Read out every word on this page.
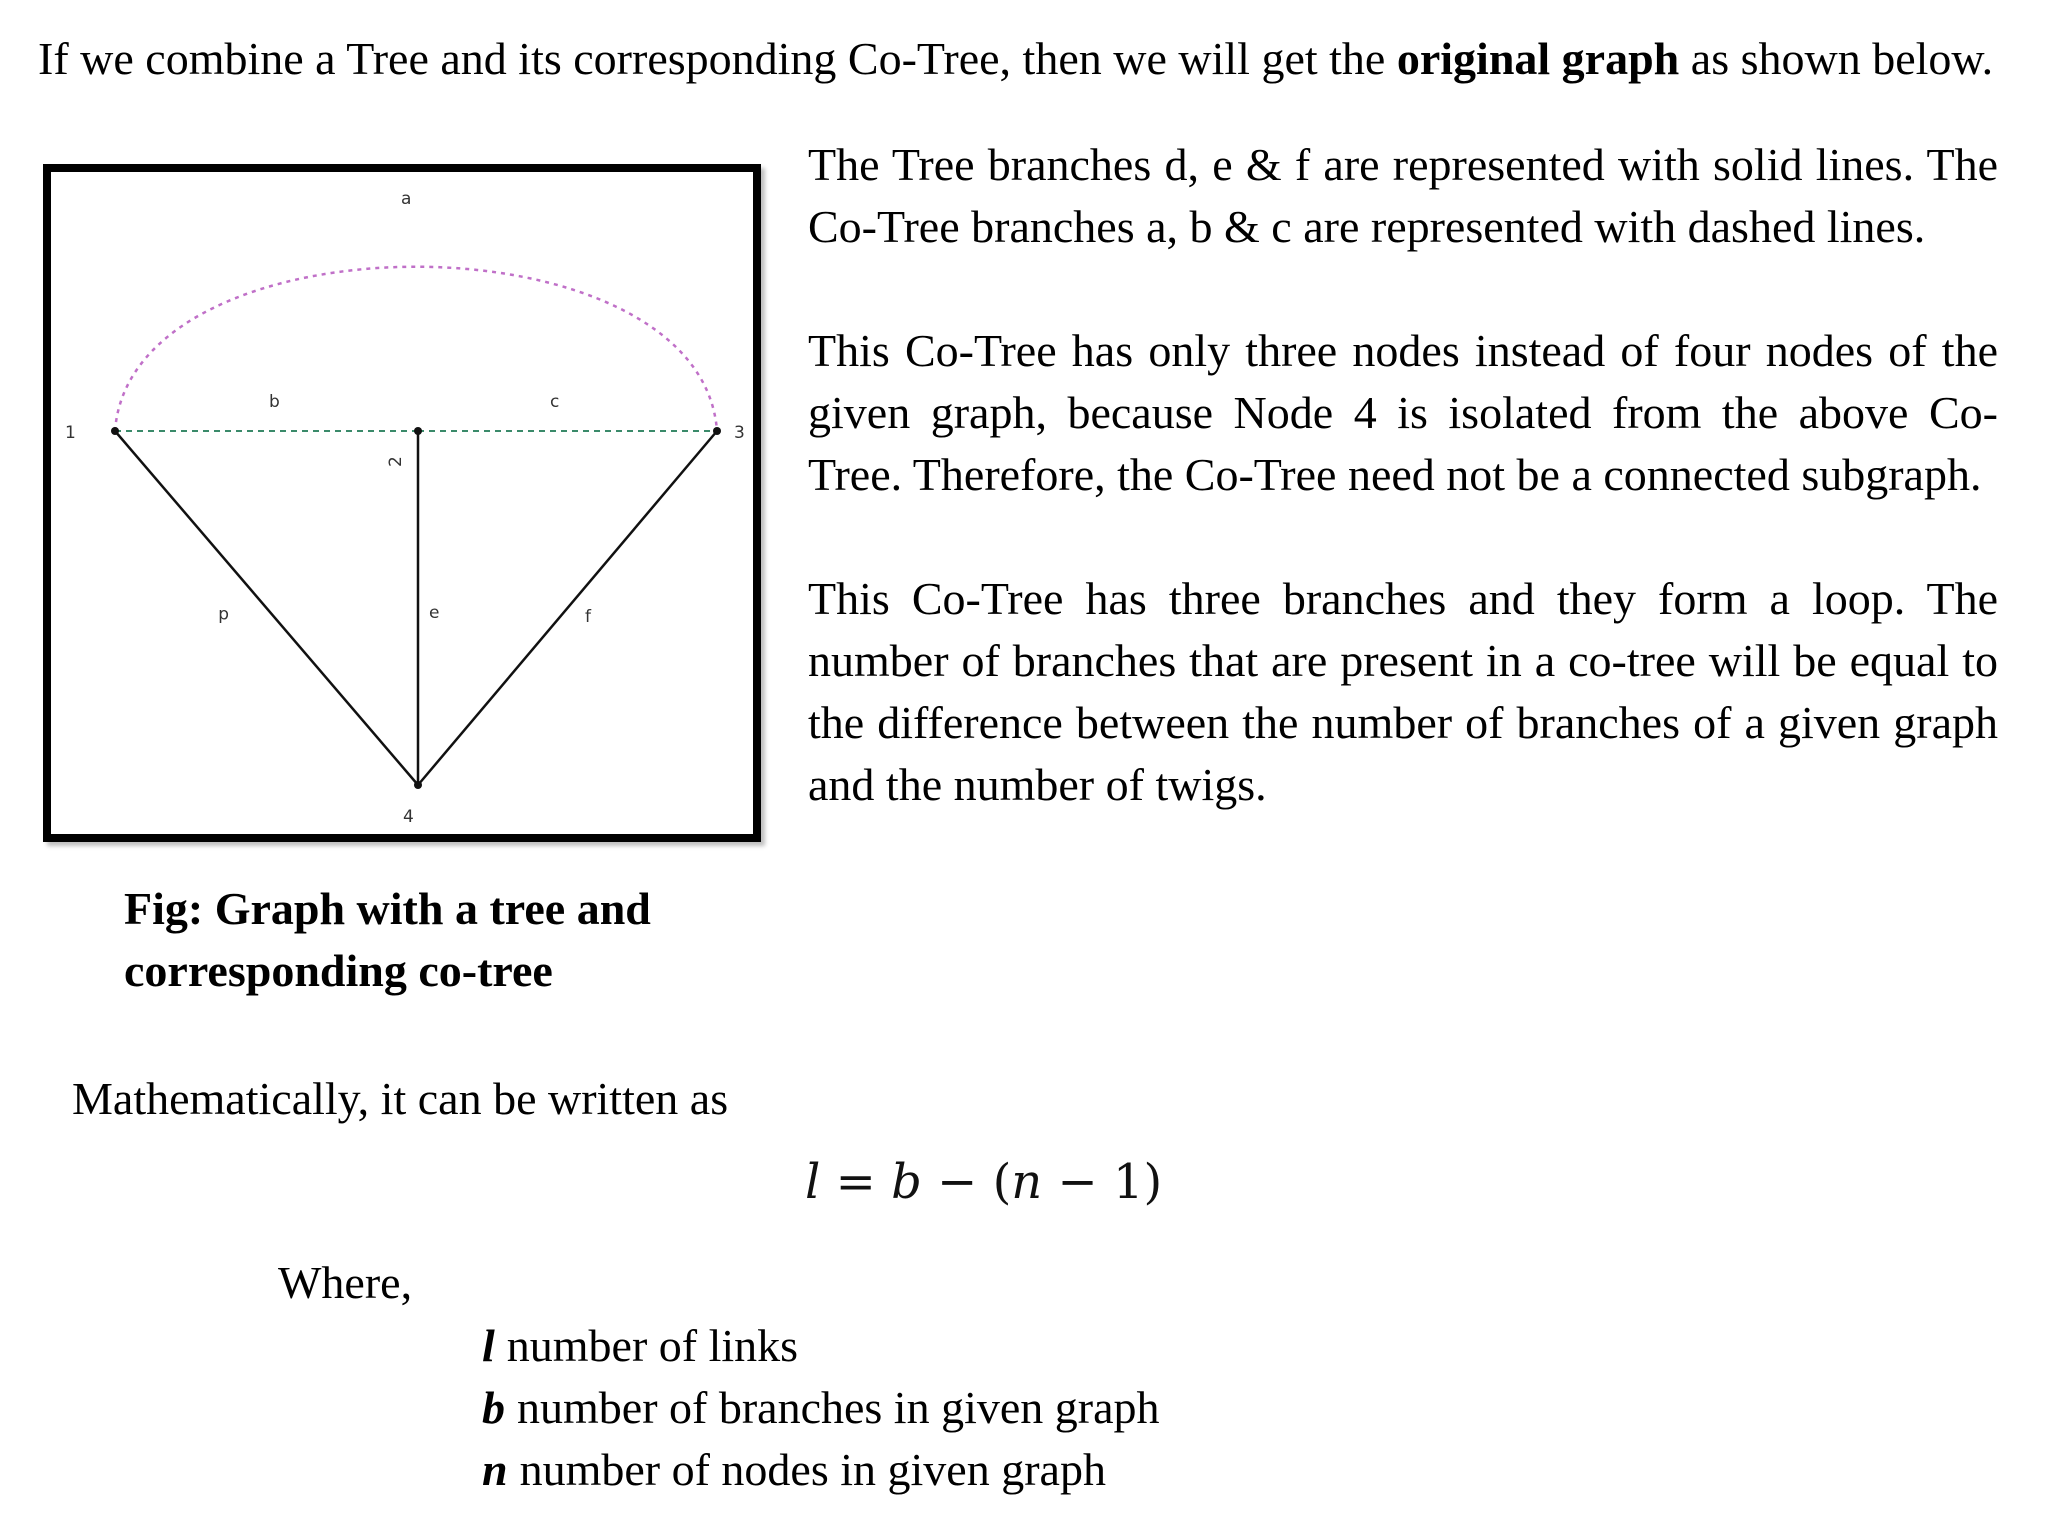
If we combine a Tree and its corresponding Co-Tree, then we will get the original graph as shown below.
1
2
3
4
a
b	c
d	e	f
Fig: Graph with a tree and
corresponding co-tree

The Tree branches d, e & f are represented with solid lines. The Co-Tree branches a, b & c are represented with dashed lines.

This Co-Tree has only three nodes instead of four nodes of the given graph, because Node 4 is isolated from the above Co-Tree. Therefore, the Co-Tree need not be a connected subgraph.

This Co-Tree has three branches and they form a loop. The number of branches that are present in a co-tree will be equal to the difference between the number of branches of a given graph and the number of twigs.

Mathematically, it can be written as
l = b − (n − 1)
Where,
l number of links
b number of branches in given graph
n number of nodes in given graph
